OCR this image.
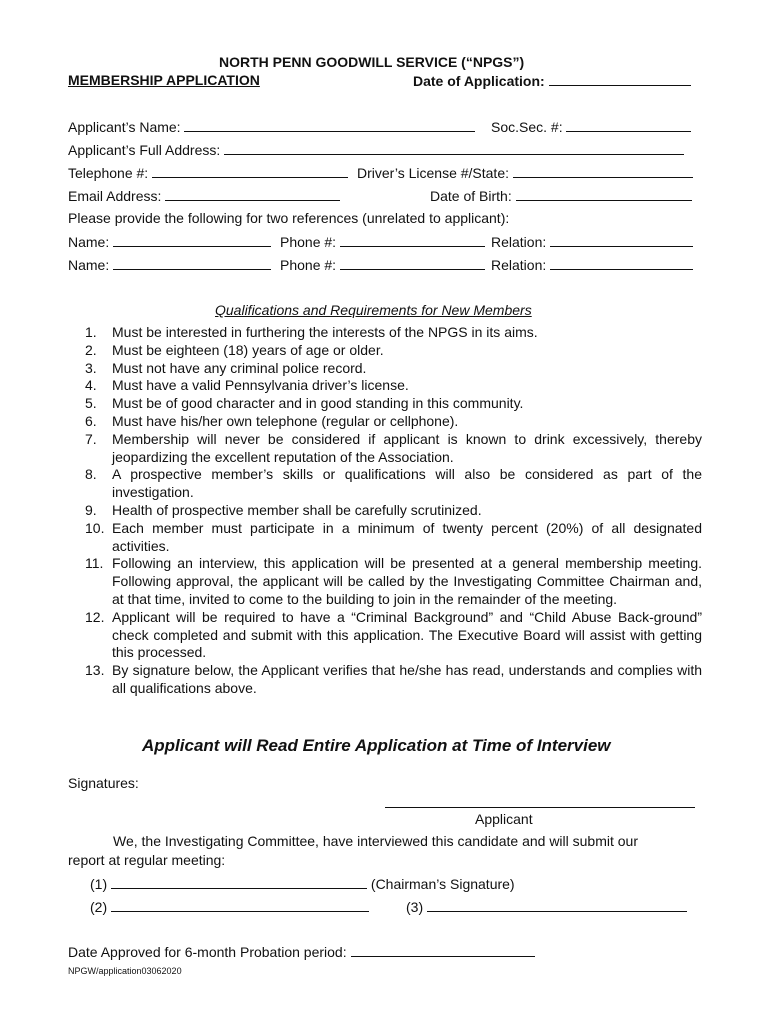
NORTH PENN GOODWILL SERVICE (“NPGS”)
MEMBERSHIP APPLICATION	Date of Application:
Applicant’s Name:	Soc.Sec. #:
Applicant’s Full Address:
Telephone #:	Driver’s License #/State:
Email Address:	Date of Birth:
Please provide the following for two references (unrelated to applicant):
Name:	Phone #:	Relation:
Name:	Phone #:	Relation:
Qualifications and Requirements for New Members
1.	Must be interested in furthering the interests of the NPGS in its aims.
2.	Must be eighteen (18) years of age or older.
3.	Must not have any criminal police record.
4.	Must have a valid Pennsylvania driver’s license.
5.	Must be of good character and in good standing in this community.
6.	Must have his/her own telephone (regular or cellphone).
7.	Membership will never be considered if applicant is known to drink excessively, thereby jeopardizing the excellent reputation of the Association.
8.	A prospective member’s skills or qualifications will also be considered as part of the investigation.
9.	Health of prospective member shall be carefully scrutinized.
10. Each member must participate in a minimum of twenty percent (20%) of all designated activities.
11. Following an interview, this application will be presented at a general membership meeting. Following approval, the applicant will be called by the Investigating Committee Chairman and, at that time, invited to come to the building to join in the remainder of the meeting.
12. Applicant will be required to have a “Criminal Background” and “Child Abuse Back-ground” check completed and submit with this application. The Executive Board will assist with getting this processed.
13. By signature below, the Applicant verifies that he/she has read, understands and complies with all qualifications above.
Applicant will Read Entire Application at Time of Interview
Signatures:
Applicant
We, the Investigating Committee, have interviewed this candidate and will submit our
report at regular meeting:
(1)	(Chairman’s Signature)
(2)	(3)
Date Approved for 6-month Probation period:
NPGW/application03062020
